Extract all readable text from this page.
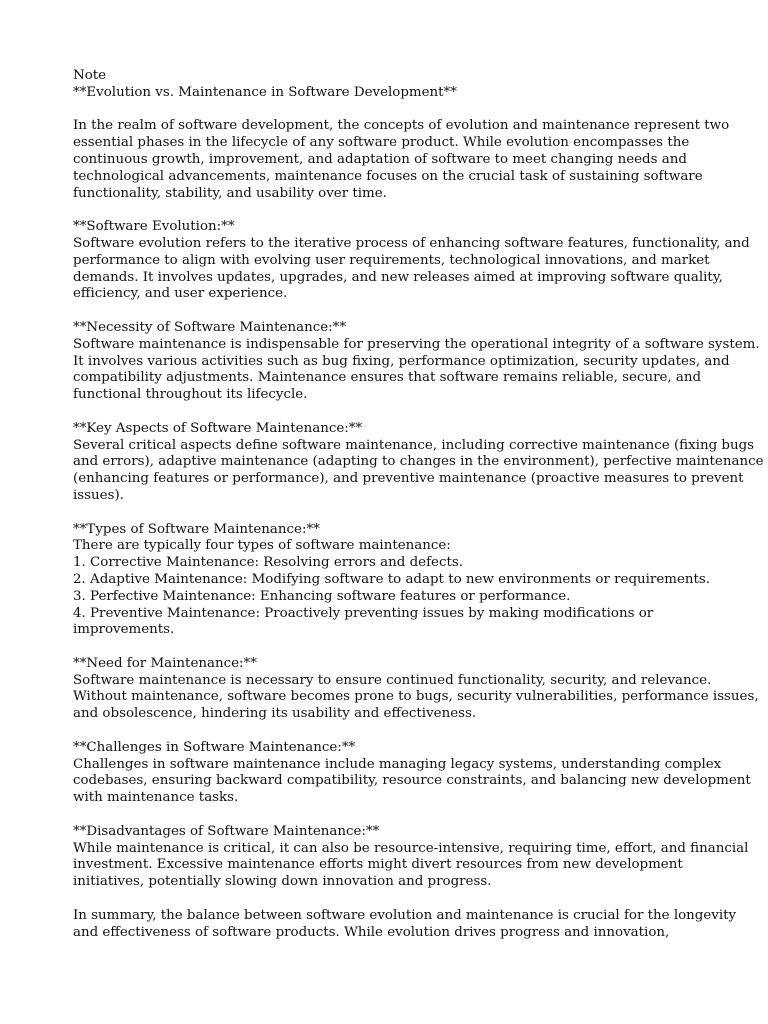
Note
**Evolution vs. Maintenance in Software Development**
In the realm of software development, the concepts of evolution and maintenance represent two
essential phases in the lifecycle of any software product. While evolution encompasses the
continuous growth, improvement, and adaptation of software to meet changing needs and
technological advancements, maintenance focuses on the crucial task of sustaining software
functionality, stability, and usability over time.
**Software Evolution:**
Software evolution refers to the iterative process of enhancing software features, functionality, and
performance to align with evolving user requirements, technological innovations, and market
demands. It involves updates, upgrades, and new releases aimed at improving software quality,
efficiency, and user experience.
**Necessity of Software Maintenance:**
Software maintenance is indispensable for preserving the operational integrity of a software system.
It involves various activities such as bug fixing, performance optimization, security updates, and
compatibility adjustments. Maintenance ensures that software remains reliable, secure, and
functional throughout its lifecycle.
**Key Aspects of Software Maintenance:**
Several critical aspects define software maintenance, including corrective maintenance (fixing bugs
and errors), adaptive maintenance (adapting to changes in the environment), perfective maintenance
(enhancing features or performance), and preventive maintenance (proactive measures to prevent
issues).
**Types of Software Maintenance:**
There are typically four types of software maintenance:
1. Corrective Maintenance: Resolving errors and defects.
2. Adaptive Maintenance: Modifying software to adapt to new environments or requirements.
3. Perfective Maintenance: Enhancing software features or performance.
4. Preventive Maintenance: Proactively preventing issues by making modifications or
improvements.
**Need for Maintenance:**
Software maintenance is necessary to ensure continued functionality, security, and relevance.
Without maintenance, software becomes prone to bugs, security vulnerabilities, performance issues,
and obsolescence, hindering its usability and effectiveness.
**Challenges in Software Maintenance:**
Challenges in software maintenance include managing legacy systems, understanding complex
codebases, ensuring backward compatibility, resource constraints, and balancing new development
with maintenance tasks.
**Disadvantages of Software Maintenance:**
While maintenance is critical, it can also be resource-intensive, requiring time, effort, and financial
investment. Excessive maintenance efforts might divert resources from new development
initiatives, potentially slowing down innovation and progress.
In summary, the balance between software evolution and maintenance is crucial for the longevity
and effectiveness of software products. While evolution drives progress and innovation,
